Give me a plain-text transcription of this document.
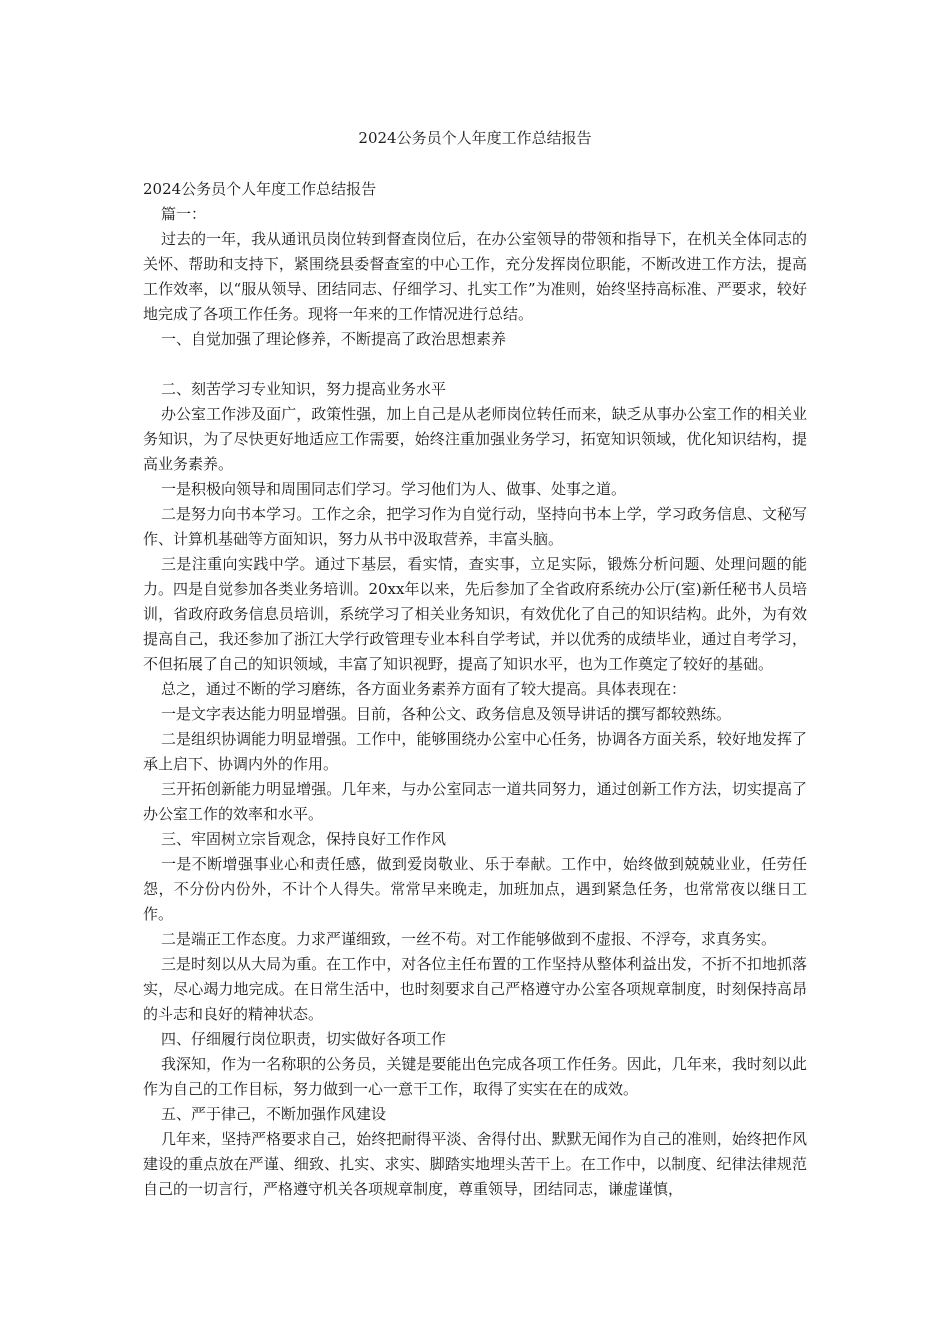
2024公务员个人年度工作总结报告

2024公务员个人年度工作总结报告

篇一：

过去的一年，我从通讯员岗位转到督查岗位后，在办公室领导的带领和指导下，在机关全体同志的关怀、帮助和支持下，紧围绕县委督查室的中心工作，充分发挥岗位职能，不断改进工作方法，提高工作效率，以“服从领导、团结同志、仔细学习、扎实工作”为准则，始终坚持高标准、严要求，较好地完成了各项工作任务。现将一年来的工作情况进行总结。

一、自觉加强了理论修养，不断提高了政治思想素养

二、刻苦学习专业知识，努力提高业务水平

办公室工作涉及面广，政策性强，加上自己是从老师岗位转任而来，缺乏从事办公室工作的相关业务知识，为了尽快更好地适应工作需要，始终注重加强业务学习，拓宽知识领域，优化知识结构，提高业务素养。

一是积极向领导和周围同志们学习。学习他们为人、做事、处事之道。

二是努力向书本学习。工作之余，把学习作为自觉行动，坚持向书本上学，学习政务信息、文秘写作、计算机基础等方面知识，努力从书中汲取营养，丰富头脑。

三是注重向实践中学。通过下基层，看实情，查实事，立足实际，锻炼分析问题、处理问题的能力。四是自觉参加各类业务培训。20xx年以来，先后参加了全省政府系统办公厅(室)新任秘书人员培训，省政府政务信息员培训，系统学习了相关业务知识，有效优化了自己的知识结构。此外，为有效提高自己，我还参加了浙江大学行政管理专业本科自学考试，并以优秀的成绩毕业，通过自考学习，不但拓展了自己的知识领域，丰富了知识视野，提高了知识水平，也为工作奠定了较好的基础。

总之，通过不断的学习磨练，各方面业务素养方面有了较大提高。具体表现在：

一是文字表达能力明显增强。目前，各种公文、政务信息及领导讲话的撰写都较熟练。

二是组织协调能力明显增强。工作中，能够围绕办公室中心任务，协调各方面关系，较好地发挥了承上启下、协调内外的作用。

三开拓创新能力明显增强。几年来，与办公室同志一道共同努力，通过创新工作方法，切实提高了办公室工作的效率和水平。

三、牢固树立宗旨观念，保持良好工作作风

一是不断增强事业心和责任感，做到爱岗敬业、乐于奉献。工作中，始终做到兢兢业业，任劳任怨，不分份内份外，不计个人得失。常常早来晚走，加班加点，遇到紧急任务，也常常夜以继日工作。

二是端正工作态度。力求严谨细致，一丝不苟。对工作能够做到不虚报、不浮夸，求真务实。

三是时刻以从大局为重。在工作中，对各位主任布置的工作坚持从整体利益出发，不折不扣地抓落实，尽心竭力地完成。在日常生活中，也时刻要求自己严格遵守办公室各项规章制度，时刻保持高昂的斗志和良好的精神状态。

四、仔细履行岗位职责，切实做好各项工作

我深知，作为一名称职的公务员，关键是要能出色完成各项工作任务。因此，几年来，我时刻以此作为自己的工作目标，努力做到一心一意干工作，取得了实实在在的成效。

五、严于律己，不断加强作风建设

几年来，坚持严格要求自己，始终把耐得平淡、舍得付出、默默无闻作为自己的准则，始终把作风建设的重点放在严谨、细致、扎实、求实、脚踏实地埋头苦干上。在工作中，以制度、纪律法律规范自己的一切言行，严格遵守机关各项规章制度，尊重领导，团结同志，谦虚谨慎，
